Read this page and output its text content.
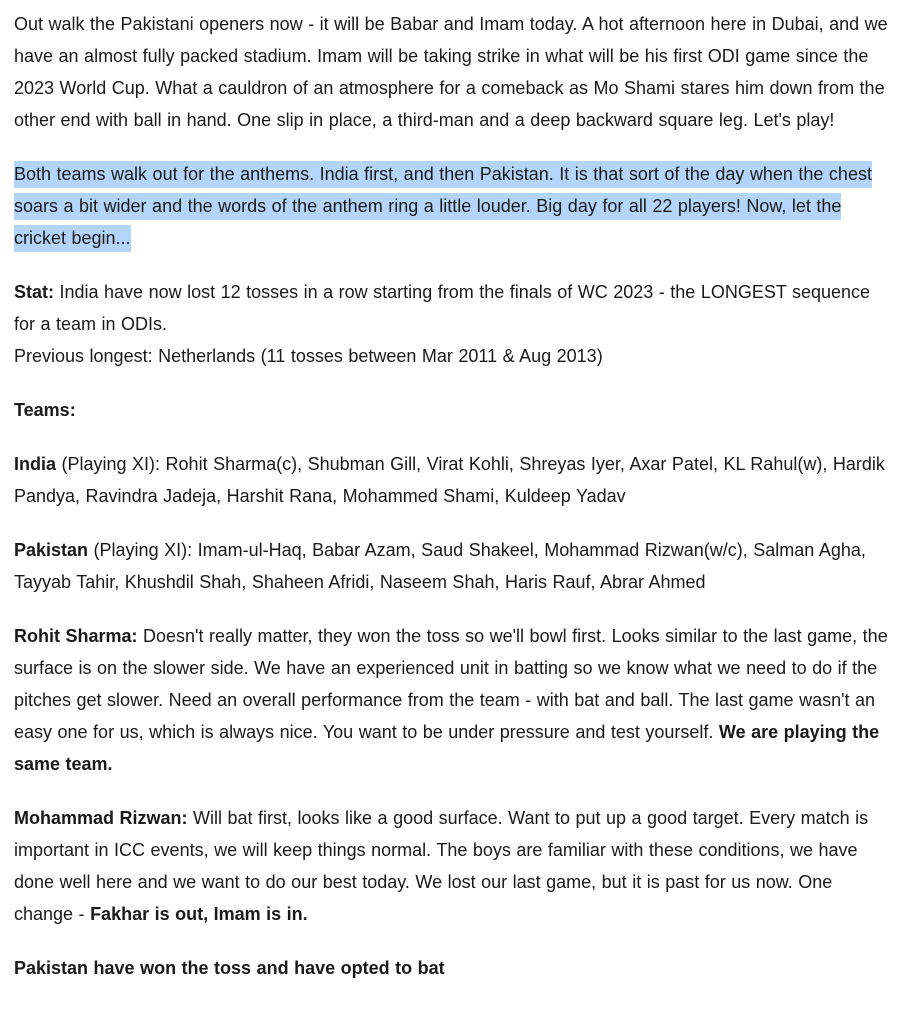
Out walk the Pakistani openers now - it will be Babar and Imam today. A hot afternoon here in Dubai, and we have an almost fully packed stadium. Imam will be taking strike in what will be his first ODI game since the 2023 World Cup. What a cauldron of an atmosphere for a comeback as Mo Shami stares him down from the other end with ball in hand. One slip in place, a third-man and a deep backward square leg. Let's play!

Both teams walk out for the anthems. India first, and then Pakistan. It is that sort of the day when the chest soars a bit wider and the words of the anthem ring a little louder. Big day for all 22 players! Now, let the cricket begin...

Stat: India have now lost 12 tosses in a row starting from the finals of WC 2023 - the LONGEST sequence for a team in ODIs.

Previous longest: Netherlands (11 tosses between Mar 2011 & Aug 2013)

Teams:

India (Playing XI): Rohit Sharma(c), Shubman Gill, Virat Kohli, Shreyas Iyer, Axar Patel, KL Rahul(w), Hardik Pandya, Ravindra Jadeja, Harshit Rana, Mohammed Shami, Kuldeep Yadav

Pakistan (Playing XI): Imam-ul-Haq, Babar Azam, Saud Shakeel, Mohammad Rizwan(w/c), Salman Agha, Tayyab Tahir, Khushdil Shah, Shaheen Afridi, Naseem Shah, Haris Rauf, Abrar Ahmed

Rohit Sharma: Doesn't really matter, they won the toss so we'll bowl first. Looks similar to the last game, the surface is on the slower side. We have an experienced unit in batting so we know what we need to do if the pitches get slower. Need an overall performance from the team - with bat and ball. The last game wasn't an easy one for us, which is always nice. You want to be under pressure and test yourself. We are playing the same team.

Mohammad Rizwan: Will bat first, looks like a good surface. Want to put up a good target. Every match is important in ICC events, we will keep things normal. The boys are familiar with these conditions, we have done well here and we want to do our best today. We lost our last game, but it is past for us now. One change - Fakhar is out, Imam is in.

Pakistan have won the toss and have opted to bat
